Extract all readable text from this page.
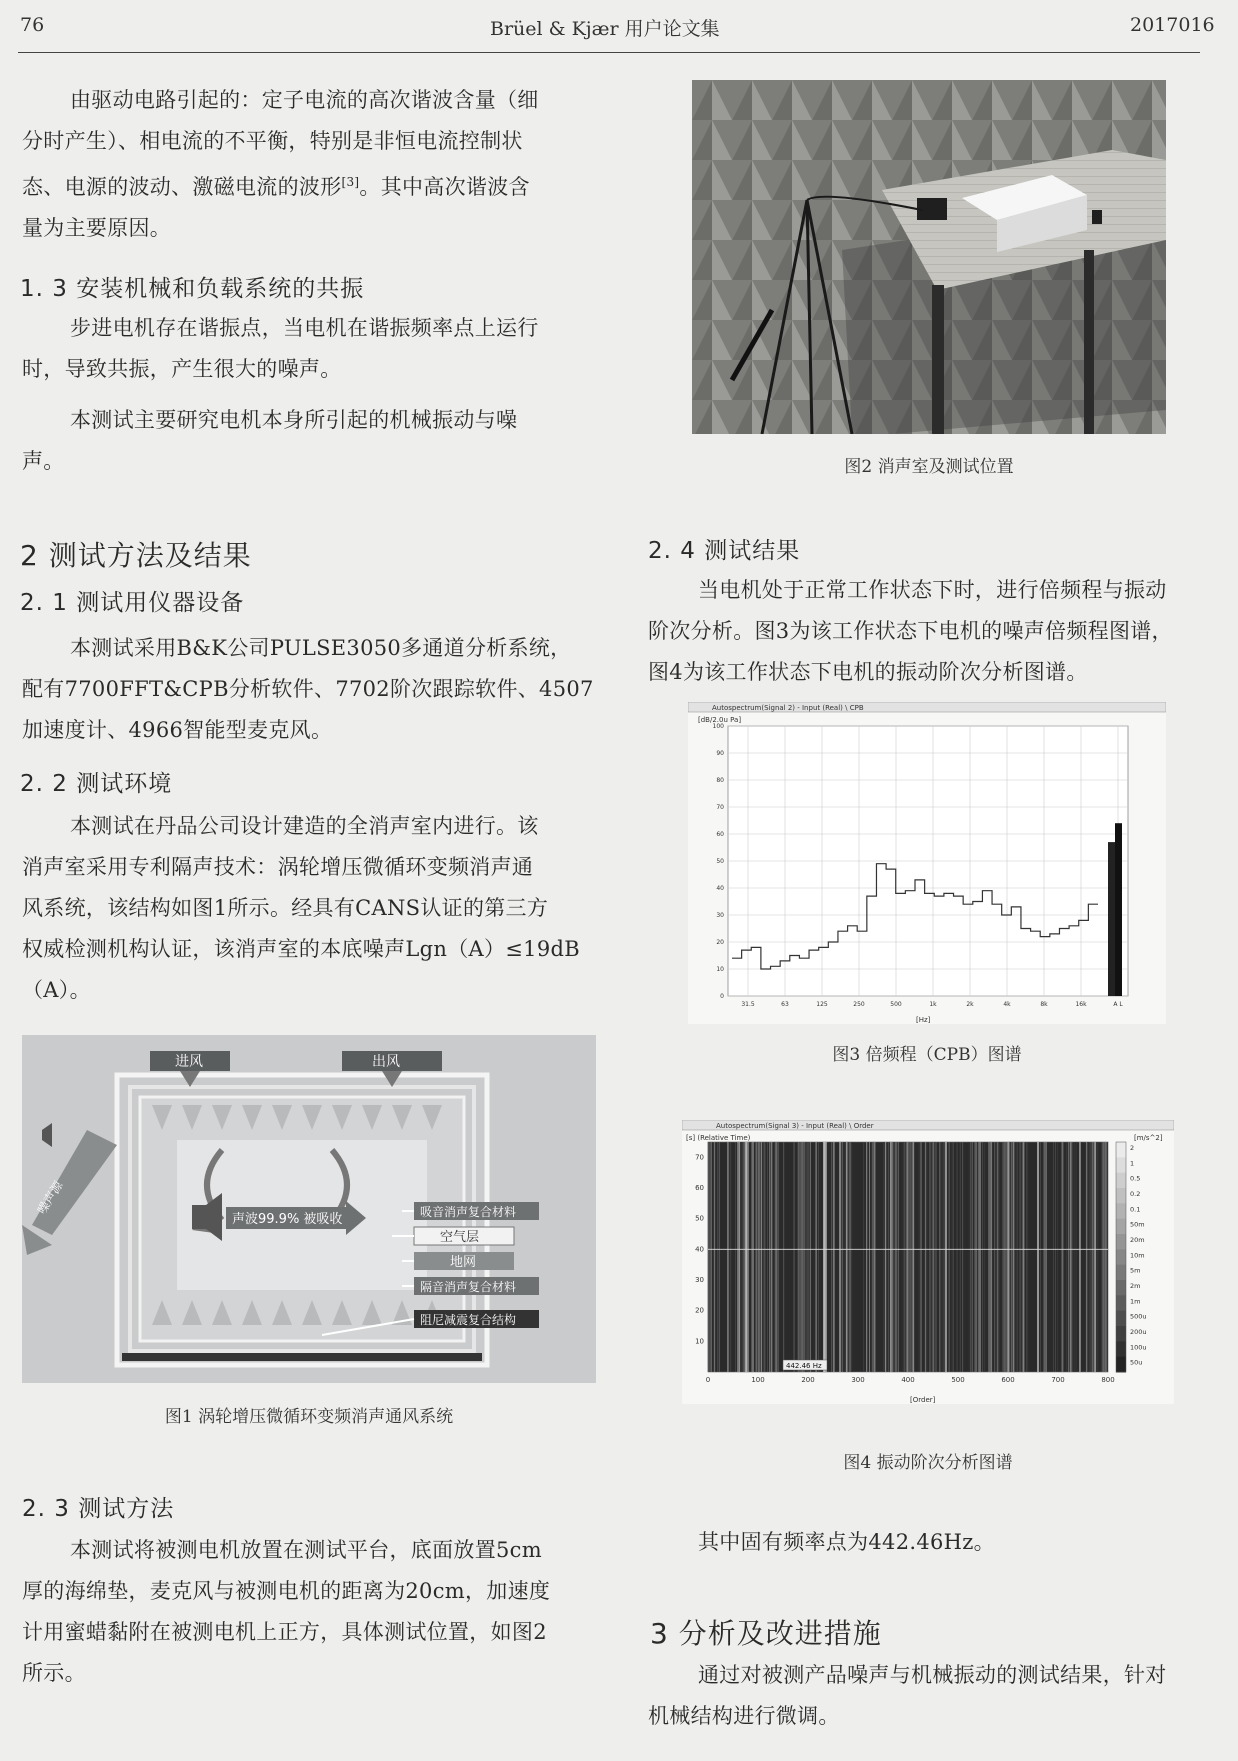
76	Brüel & Kjær 用户论文集	2017016
由驱动电路引起的：定子电流的高次谐波含量（细
分时产生）、相电流的不平衡，特别是非恒电流控制状
态、电源的波动、激磁电流的波形[3]。其中高次谐波含
量为主要原因。
1. 3 安装机械和负载系统的共振
步进电机存在谐振点，当电机在谐振频率点上运行
时，导致共振，产生很大的噪声。
本测试主要研究电机本身所引起的机械振动与噪
声。
2 测试方法及结果
2. 1 测试用仪器设备
本测试采用B&K公司PULSE3050多通道分析系统，
配有7700FFT&CPB分析软件、7702阶次跟踪软件、4507
加速度计、4966智能型麦克风。
2. 2 测试环境
本测试在丹品公司设计建造的全消声室内进行。该
消声室采用专利隔声技术：涡轮增压微循环变频消声通
风系统，该结构如图1所示。经具有CANS认证的第三方
权威检测机构认证，该消声室的本底噪声Lgn（A）≤19dB
（A）。
声波99.9% 被吸收
进风	出风
噪声源	吸音消声复合材料
空气层
地网
隔音消声复合材料
阻尼减震复合结构
图1 涡轮增压微循环变频消声通风系统
2. 3 测试方法
本测试将被测电机放置在测试平台，底面放置5cm
厚的海绵垫，麦克风与被测电机的距离为20cm，加速度
计用蜜蜡黏附在被测电机上正方，具体测试位置，如图2
所示。
图2 消声室及测试位置
2. 4 测试结果
当电机处于正常工作状态下时，进行倍频程与振动
阶次分析。图3为该工作状态下电机的噪声倍频程图谱，
图4为该工作状态下电机的振动阶次分析图谱。
Autospectrum(Signal 2) - Input (Real) \ CPB
[dB/2.0u Pa]
[Hz]
0
10
20
30
40
50
60
70
80
90
100
31.5	63	125	250	500	1k	2k	4k	8k	16k	A L
图3 倍频程（CPB）图谱
Autospectrum(Signal 3) - Input (Real) \ Order
[s] (Relative Time)	[m/s^2]
[Order]
442.46 Hz
10
20
30
40
50
60
70
0	100	200	300	400	500	600	700	800
2
1
0.5
0.2
0.1
50m
20m
10m
5m
2m
1m
500u
200u
100u
50u
图4 振动阶次分析图谱
其中固有频率点为442.46Hz。
3 分析及改进措施
通过对被测产品噪声与机械振动的测试结果，针对
机械结构进行微调。
